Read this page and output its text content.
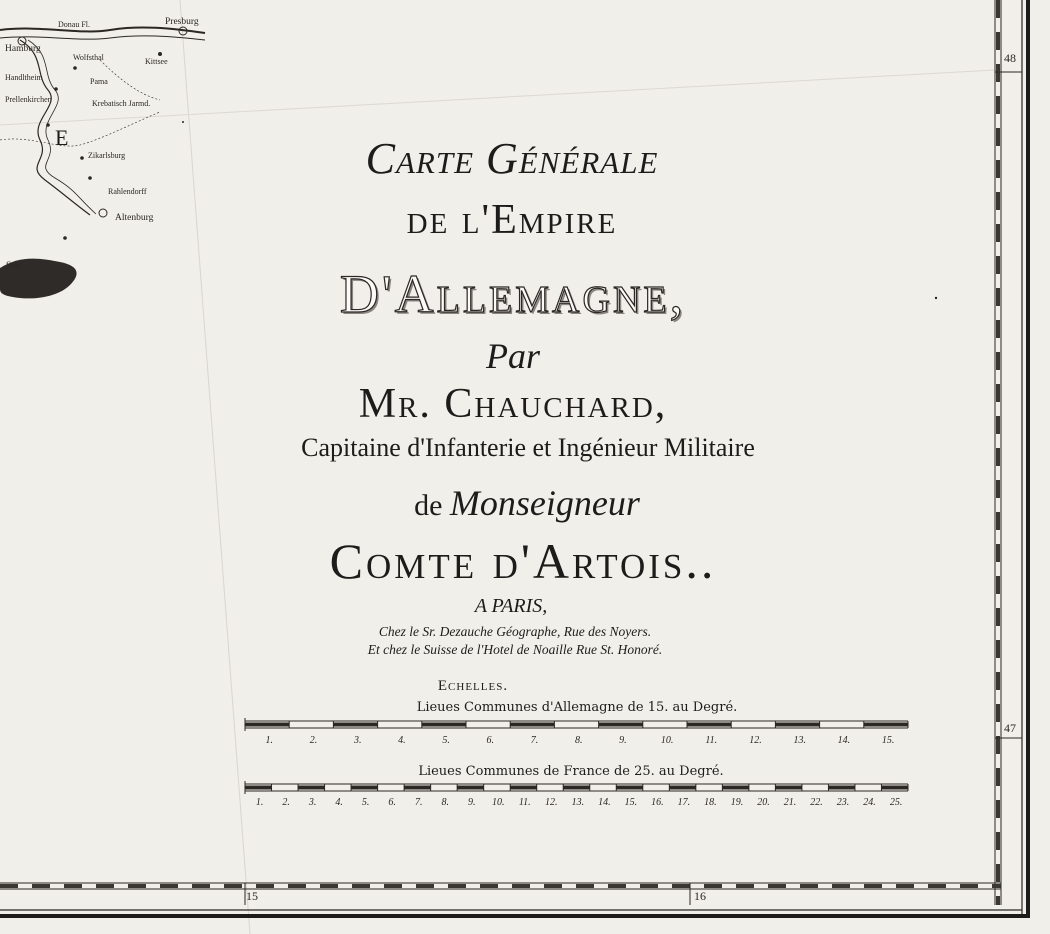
Donau Fl.	Presburg
Hamburg
Handltheim
Prellenkirchen
Altenburg
Rahlendorff
Zikarlsburg
Krebatisch Jarmd.
Kittsee
Wolfsthal
Pama
See
E
48
47
15	16
1.	2.	3.	4.	5.	6.	7.	8.	9.	10.	11.	12.	13.	14.	15.
1. 2. 3. 4. 5. 6. 7. 8. 9. 10. 11. 12. 13. 14. 15. 16. 17. 18. 19. 20. 21. 22. 23. 24. 25.
Carte Générale
de l'Empire
D'Allemagne,
Par
Mr. Chauchard,
Capitaine d'Infanterie et Ingénieur Militaire
de Monseigneur
Comte d'Artois..
A PARIS,
Chez le Sr. Dezauche Géographe, Rue des Noyers.
Et chez le Suisse de l'Hotel de Noaille Rue St. Honoré.
Echelles.
Lieues Communes d'Allemagne de 15. au Degré.
Lieues Communes de France de 25. au Degré.
